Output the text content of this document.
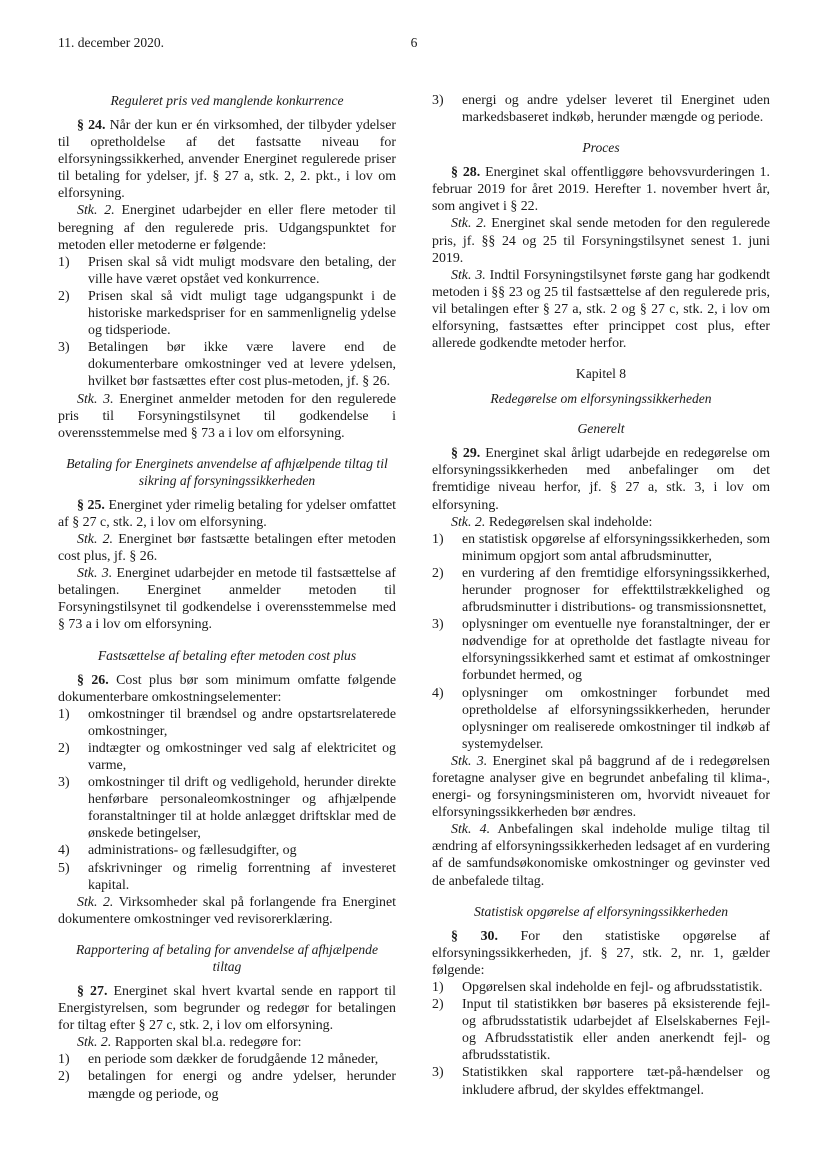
11. december 2020.	6
Reguleret pris ved manglende konkurrence

§ 24. Når der kun er én virksomhed, der tilbyder ydelser til opretholdelse af det fastsatte niveau for elforsyningssikkerhed, anvender Energinet regulerede priser til betaling for ydelser, jf. § 27 a, stk. 2, 2. pkt., i lov om elforsyning.

Stk. 2. Energinet udarbejder en eller flere metoder til beregning af den regulerede pris. Udgangspunktet for metoden eller metoderne er følgende:

1)	Prisen skal så vidt muligt modsvare den betaling, der ville have været opstået ved konkurrence.
2)	Prisen skal så vidt muligt tage udgangspunkt i de historiske markedspriser for en sammenlignelig ydelse og tidsperiode.
3)	Betalingen bør ikke være lavere end de dokumenterbare omkostninger ved at levere ydelsen, hvilket bør fastsættes efter cost plus-metoden, jf. § 26.

Stk. 3. Energinet anmelder metoden for den regulerede pris til Forsyningstilsynet til godkendelse i overensstemmelse med § 73 a i lov om elforsyning.

Betaling for Energinets anvendelse af afhjælpende tiltag til sikring af forsyningssikkerheden

§ 25. Energinet yder rimelig betaling for ydelser omfattet af § 27 c, stk. 2, i lov om elforsyning.

Stk. 2. Energinet bør fastsætte betalingen efter metoden cost plus, jf. § 26.

Stk. 3. Energinet udarbejder en metode til fastsættelse af betalingen. Energinet anmelder metoden til Forsyningstilsynet til godkendelse i overensstemmelse med § 73 a i lov om elforsyning.

Fastsættelse af betaling efter metoden cost plus

§ 26. Cost plus bør som minimum omfatte følgende dokumenterbare omkostningselementer:

1)	omkostninger til brændsel og andre opstartsrelaterede omkostninger,
2)	indtægter og omkostninger ved salg af elektricitet og varme,
3)	omkostninger til drift og vedligehold, herunder direkte henførbare personaleomkostninger og afhjælpende foranstaltninger til at holde anlægget driftsklar med de ønskede betingelser,
4)	administrations- og fællesudgifter, og
5)	afskrivninger og rimelig forrentning af investeret kapital.

Stk. 2. Virksomheder skal på forlangende fra Energinet dokumentere omkostninger ved revisorerklæring.

Rapportering af betaling for anvendelse af afhjælpende tiltag

§ 27. Energinet skal hvert kvartal sende en rapport til Energistyrelsen, som begrunder og redegør for betalingen for tiltag efter § 27 c, stk. 2, i lov om elforsyning.

Stk. 2. Rapporten skal bl.a. redegøre for:

1)	en periode som dækker de forudgående 12 måneder,
2)	betalingen for energi og andre ydelser, herunder mængde og periode, og
3)	energi og andre ydelser leveret til Energinet uden markedsbaseret indkøb, herunder mængde og periode.
Proces

§ 28. Energinet skal offentliggøre behovsvurderingen 1. februar 2019 for året 2019. Herefter 1. november hvert år, som angivet i § 22.

Stk. 2. Energinet skal sende metoden for den regulerede pris, jf. §§ 24 og 25 til Forsyningstilsynet senest 1. juni 2019.

Stk. 3. Indtil Forsyningstilsynet første gang har godkendt metoden i §§ 23 og 25 til fastsættelse af den regulerede pris, vil betalingen efter § 27 a, stk. 2 og § 27 c, stk. 2, i lov om elforsyning, fastsættes efter princippet cost plus, efter allerede godkendte metoder herfor.

Kapitel 8
Redegørelse om elforsyningssikkerheden
Generelt

§ 29. Energinet skal årligt udarbejde en redegørelse om elforsyningssikkerheden med anbefalinger om det fremtidige niveau herfor, jf. § 27 a, stk. 3, i lov om elforsyning.

Stk. 2. Redegørelsen skal indeholde:

1)	en statistisk opgørelse af elforsyningssikkerheden, som minimum opgjort som antal afbrudsminutter,
2)	en vurdering af den fremtidige elforsyningssikkerhed, herunder prognoser for effekttilstrækkelighed og afbrudsminutter i distributions- og transmissionsnettet,
3)	oplysninger om eventuelle nye foranstaltninger, der er nødvendige for at opretholde det fastlagte niveau for elforsyningssikkerhed samt et estimat af omkostninger forbundet hermed, og
4)	oplysninger om omkostninger forbundet med opretholdelse af elforsyningssikkerheden, herunder oplysninger om realiserede omkostninger til indkøb af systemydelser.

Stk. 3. Energinet skal på baggrund af de i redegørelsen foretagne analyser give en begrundet anbefaling til klima-, energi- og forsyningsministeren om, hvorvidt niveauet for elforsyningssikkerheden bør ændres.

Stk. 4. Anbefalingen skal indeholde mulige tiltag til ændring af elforsyningssikkerheden ledsaget af en vurdering af de samfundsøkonomiske omkostninger og gevinster ved de anbefalede tiltag.

Statistisk opgørelse af elforsyningssikkerheden

§ 30. For den statistiske opgørelse af elforsyningssikkerheden, jf. § 27, stk. 2, nr. 1, gælder følgende:

1)	Opgørelsen skal indeholde en fejl- og afbrudsstatistik.
2)	Input til statistikken bør baseres på eksisterende fejl- og afbrudsstatistik udarbejdet af Elselskabernes Fejl- og Afbrudsstatistik eller anden anerkendt fejl- og afbrudsstatistik.
3)	Statistikken skal rapportere tæt-på-hændelser og inkludere afbrud, der skyldes effektmangel.
